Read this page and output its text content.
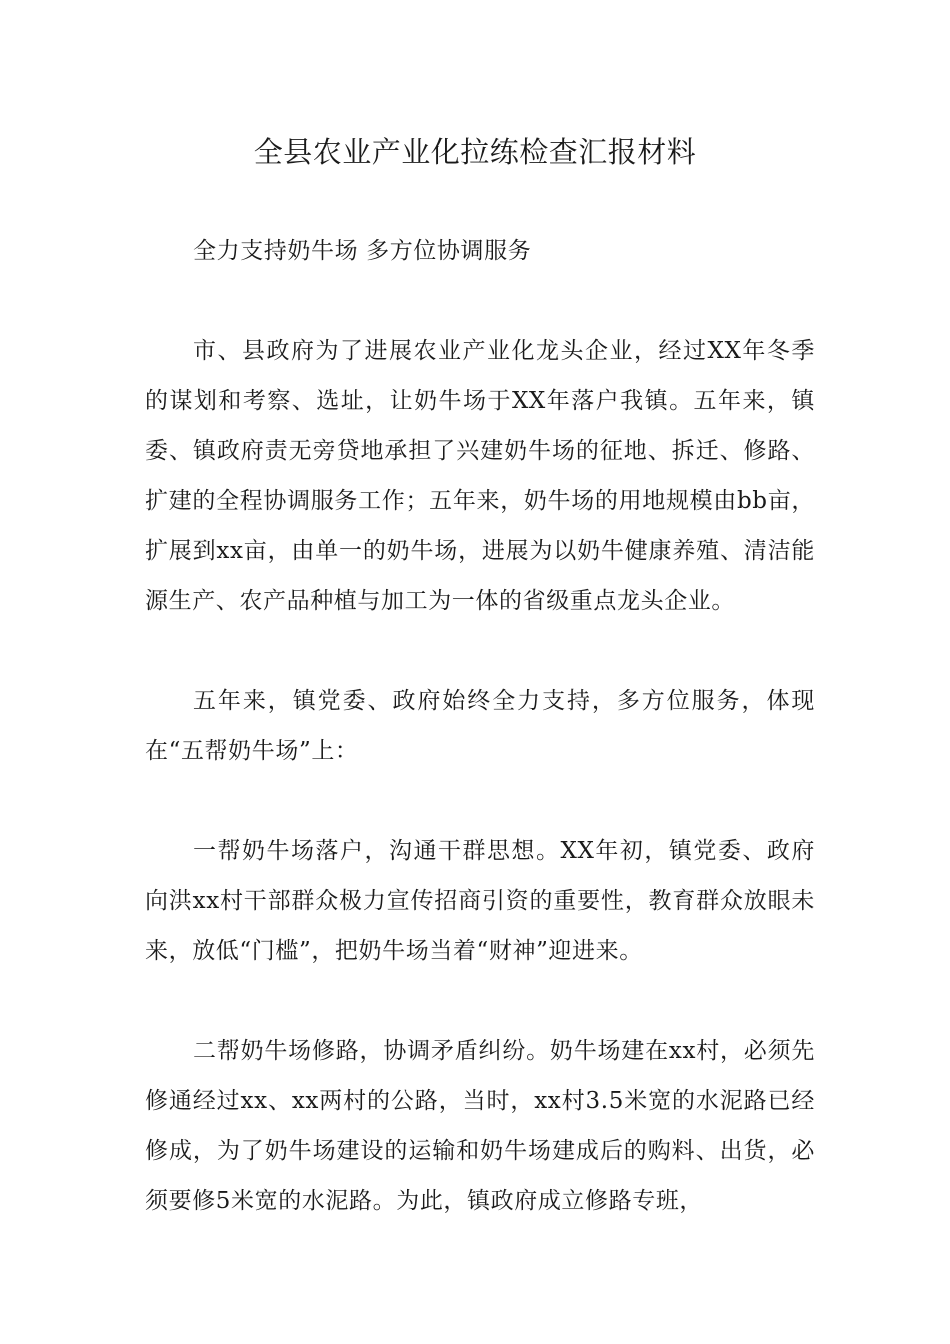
全县农业产业化拉练检查汇报材料

全力支持奶牛场 多方位协调服务

市、县政府为了进展农业产业化龙头企业，经过XX年冬季的谋划和考察、选址，让奶牛场于XX年落户我镇。五年来，镇委、镇政府责无旁贷地承担了兴建奶牛场的征地、拆迁、修路、扩建的全程协调服务工作；五年来，奶牛场的用地规模由bb亩，扩展到xx亩，由单一的奶牛场，进展为以奶牛健康养殖、清洁能源生产、农产品种植与加工为一体的省级重点龙头企业。

五年来，镇党委、政府始终全力支持，多方位服务，体现在“五帮奶牛场”上：

一帮奶牛场落户，沟通干群思想。XX年初，镇党委、政府向洪xx村干部群众极力宣传招商引资的重要性，教育群众放眼未来，放低“门槛”，把奶牛场当着“财神”迎进来。

二帮奶牛场修路，协调矛盾纠纷。奶牛场建在xx村，必须先修通经过xx、xx两村的公路，当时，xx村3.5米宽的水泥路已经修成，为了奶牛场建设的运输和奶牛场建成后的购料、出货，必须要修5米宽的水泥路。为此，镇政府成立修路专班，
